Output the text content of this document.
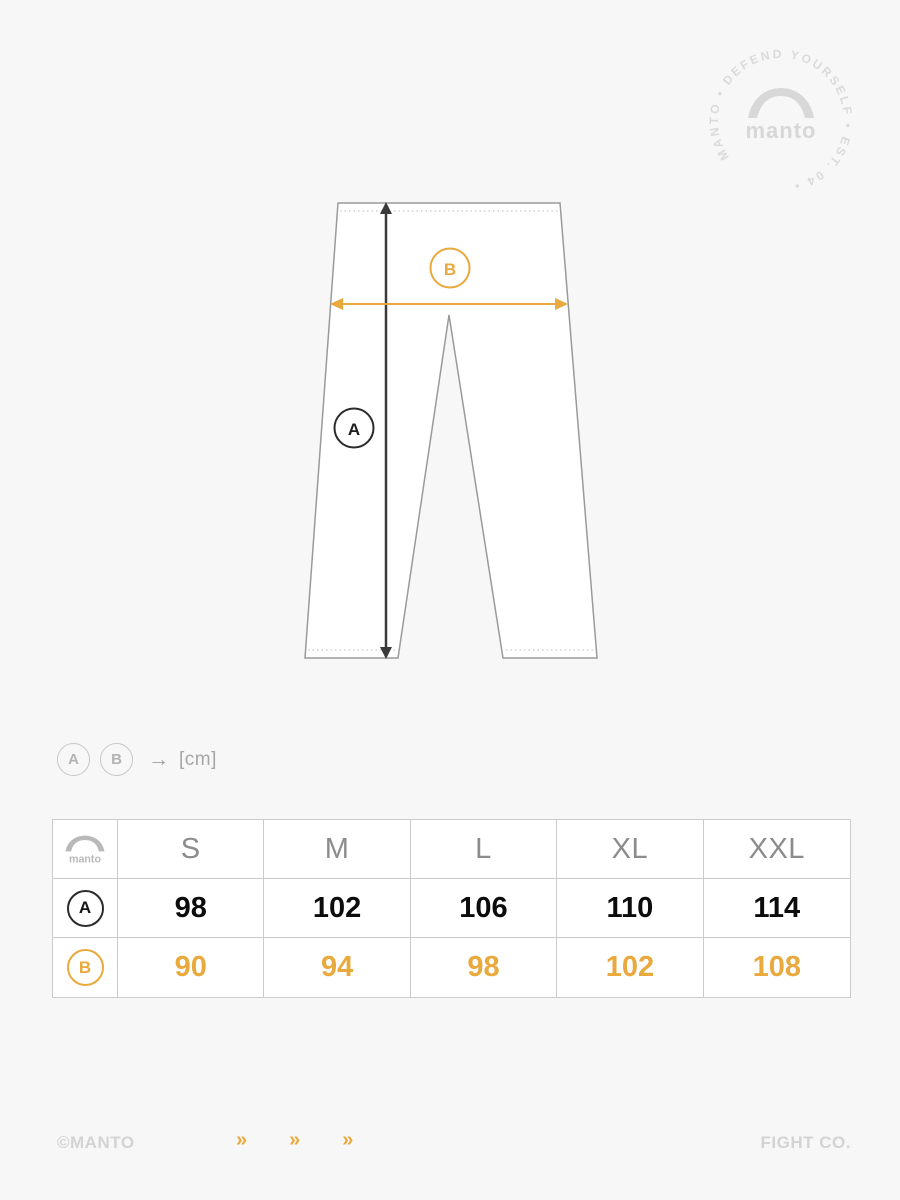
MANTO • DEFEND YOURSELF • EST. 04 •
manto
B
A
A	B	→ [cm]
manto	S	M	L	XL	XXL
A	98	102	106	110	114
B	90	94	98	102	108
©MANTO	» » »	FIGHT CO.
